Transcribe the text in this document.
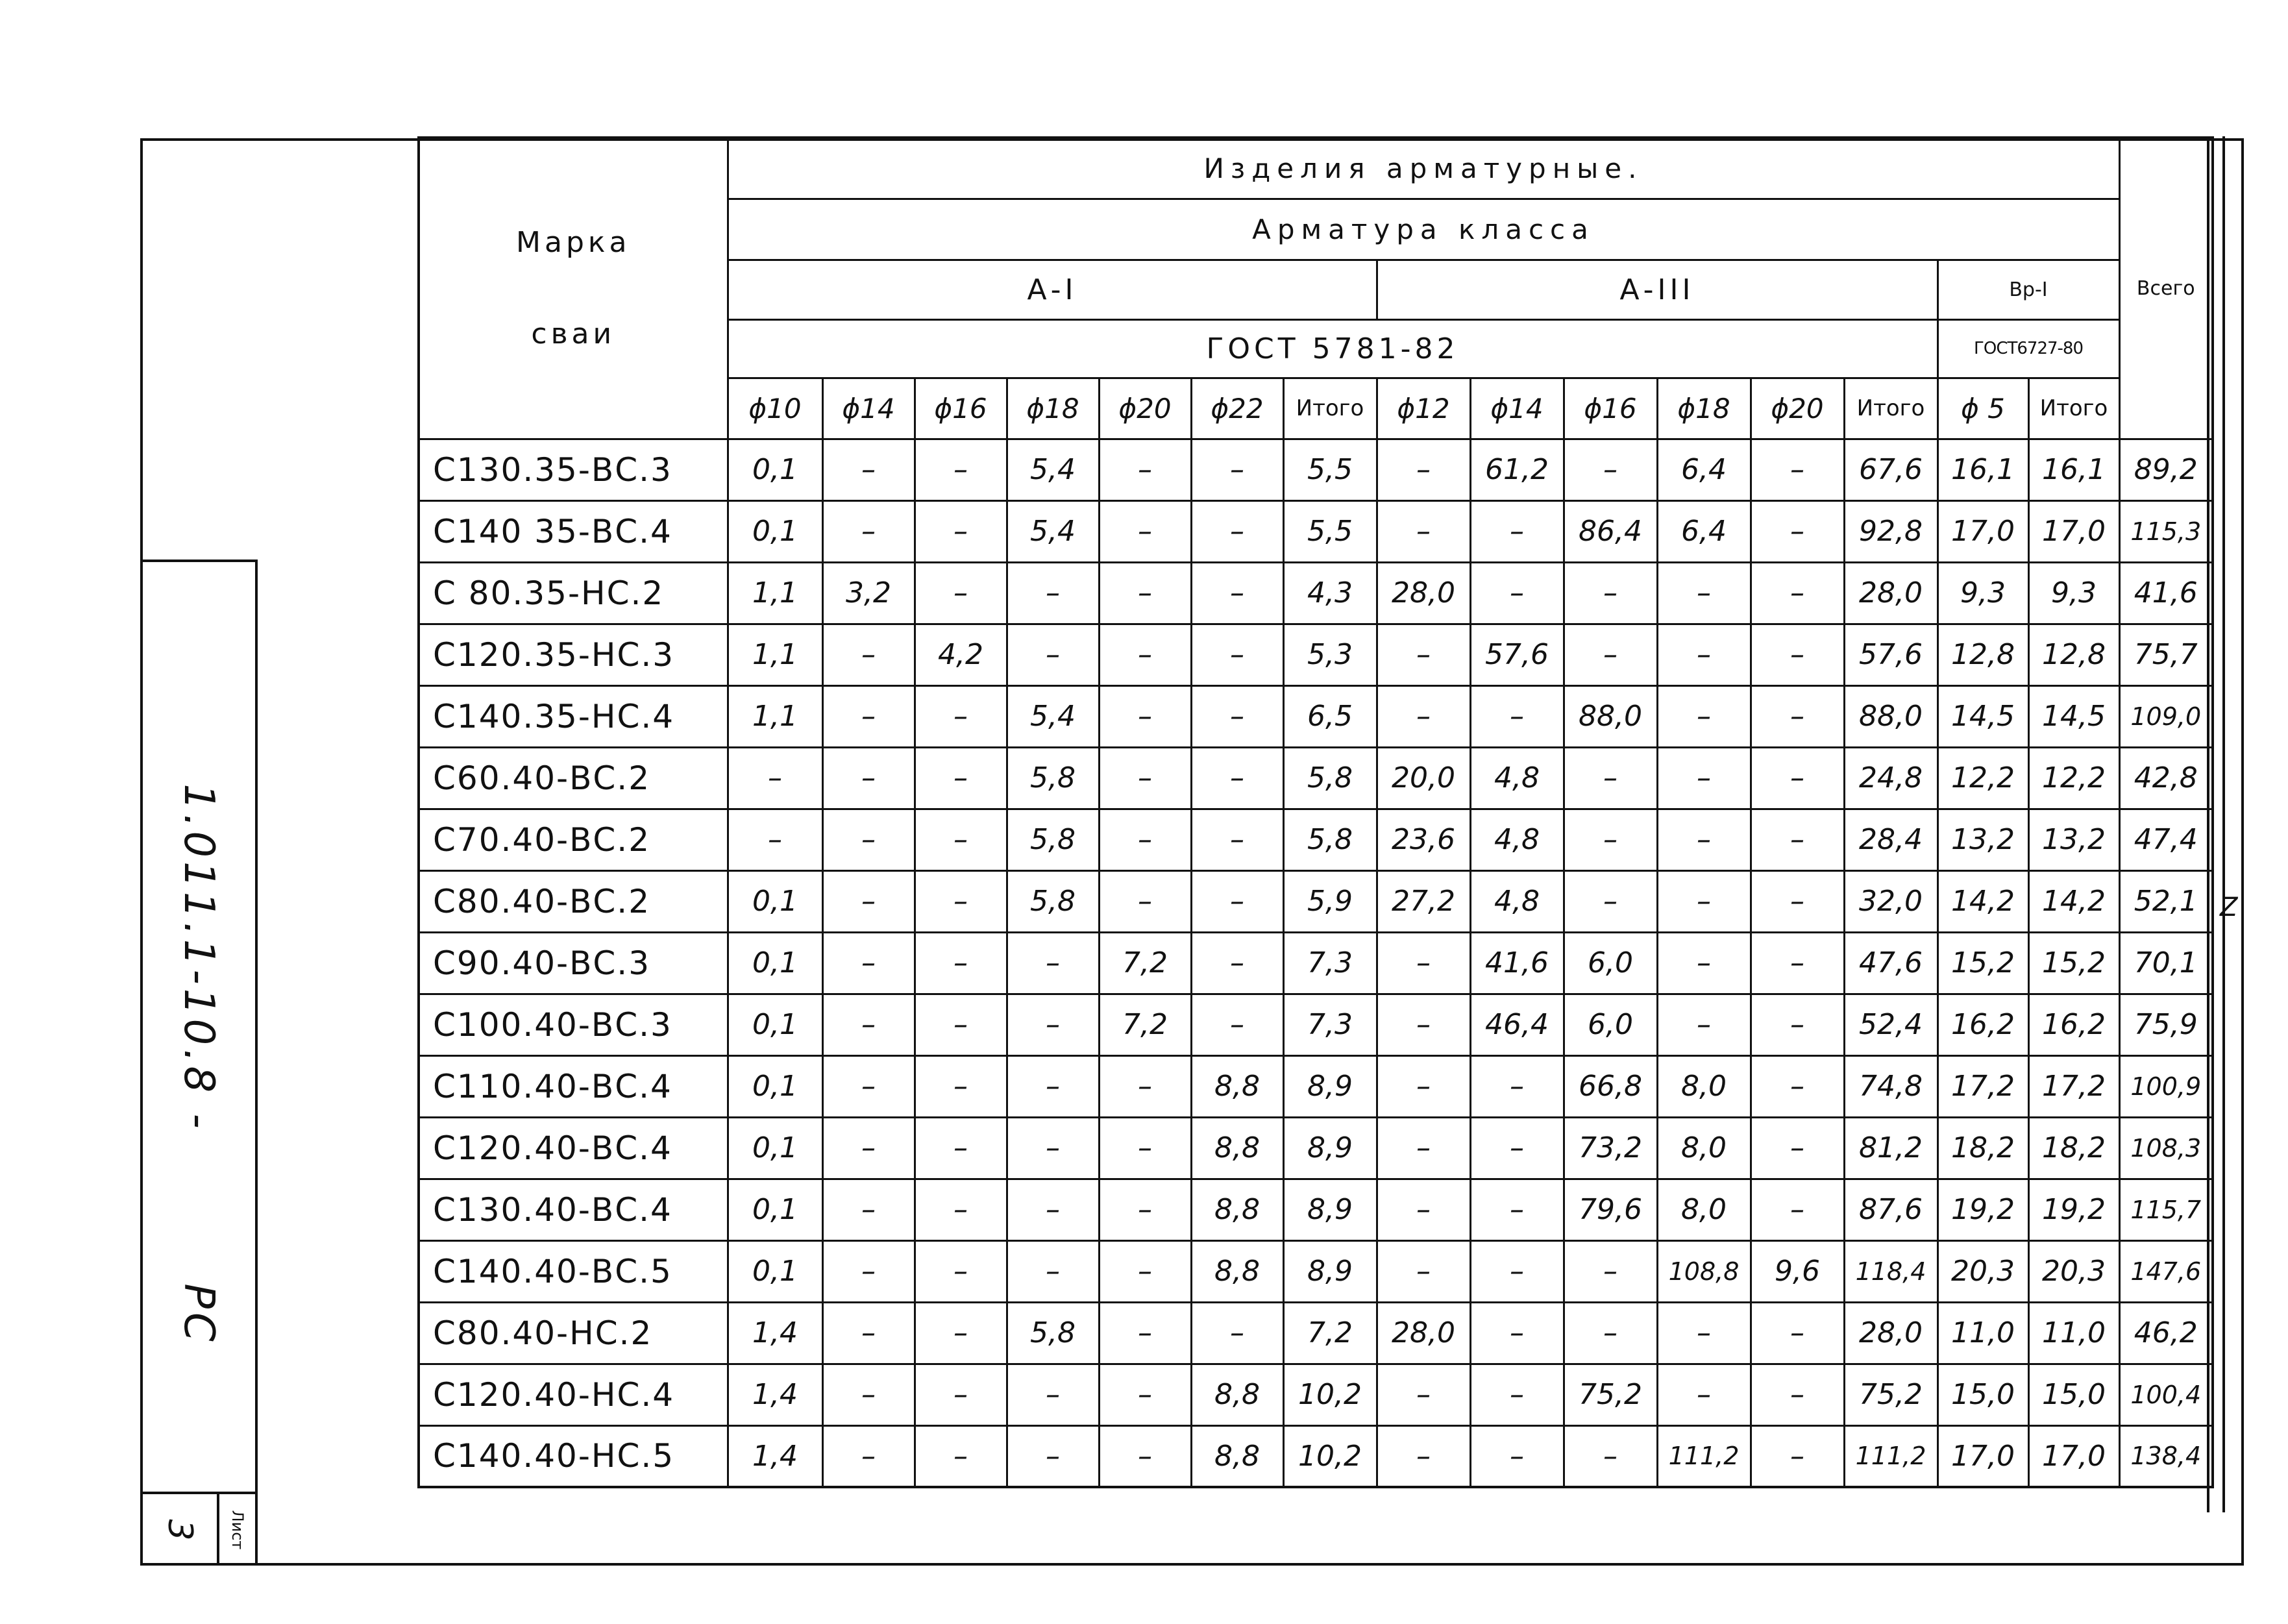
1.011.1-10.8 -  РС
3 Лист
Z
Марка
сваи	Изделия арматурные.															Всего
	Арматура класса															
	А-I							А-III						Вр-I		
	ГОСТ 5781-82													ГОСТ6727-80		
	ϕ10	ϕ14	ϕ16	ϕ18	ϕ20	ϕ22	Итого	ϕ12	ϕ14	ϕ16	ϕ18	ϕ20	Итого	ϕ 5	Итого	
С130.35-ВС.3	0,1	–	–	5,4	–	–	5,5	–	61,2	–	6,4	–	67,6	16,1	16,1	89,2
С140 35-ВС.4	0,1	–	–	5,4	–	–	5,5	–	–	86,4	6,4	–	92,8	17,0	17,0	115,3
С 80.35-НС.2	1,1	3,2	–	–	–	–	4,3	28,0	–	–	–	–	28,0	9,3	9,3	41,6
С120.35-НС.3	1,1	–	4,2	–	–	–	5,3	–	57,6	–	–	–	57,6	12,8	12,8	75,7
С140.35-НС.4	1,1	–	–	5,4	–	–	6,5	–	–	88,0	–	–	88,0	14,5	14,5	109,0
С60.40-ВС.2	–	–	–	5,8	–	–	5,8	20,0	4,8	–	–	–	24,8	12,2	12,2	42,8
С70.40-ВС.2	–	–	–	5,8	–	–	5,8	23,6	4,8	–	–	–	28,4	13,2	13,2	47,4
С80.40-ВС.2	0,1	–	–	5,8	–	–	5,9	27,2	4,8	–	–	–	32,0	14,2	14,2	52,1
С90.40-ВС.3	0,1	–	–	–	7,2	–	7,3	–	41,6	6,0	–	–	47,6	15,2	15,2	70,1
С100.40-ВС.3	0,1	–	–	–	7,2	–	7,3	–	46,4	6,0	–	–	52,4	16,2	16,2	75,9
С110.40-ВС.4	0,1	–	–	–	–	8,8	8,9	–	–	66,8	8,0	–	74,8	17,2	17,2	100,9
С120.40-ВС.4	0,1	–	–	–	–	8,8	8,9	–	–	73,2	8,0	–	81,2	18,2	18,2	108,3
С130.40-ВС.4	0,1	–	–	–	–	8,8	8,9	–	–	79,6	8,0	–	87,6	19,2	19,2	115,7
С140.40-ВС.5	0,1	–	–	–	–	8,8	8,9	–	–	–	108,8	9,6	118,4	20,3	20,3	147,6
С80.40-НС.2	1,4	–	–	5,8	–	–	7,2	28,0	–	–	–	–	28,0	11,0	11,0	46,2
С120.40-НС.4	1,4	–	–	–	–	8,8	10,2	–	–	75,2	–	–	75,2	15,0	15,0	100,4
С140.40-НС.5	1,4	–	–	–	–	8,8	10,2	–	–	–	111,2	–	111,2	17,0	17,0	138,4
